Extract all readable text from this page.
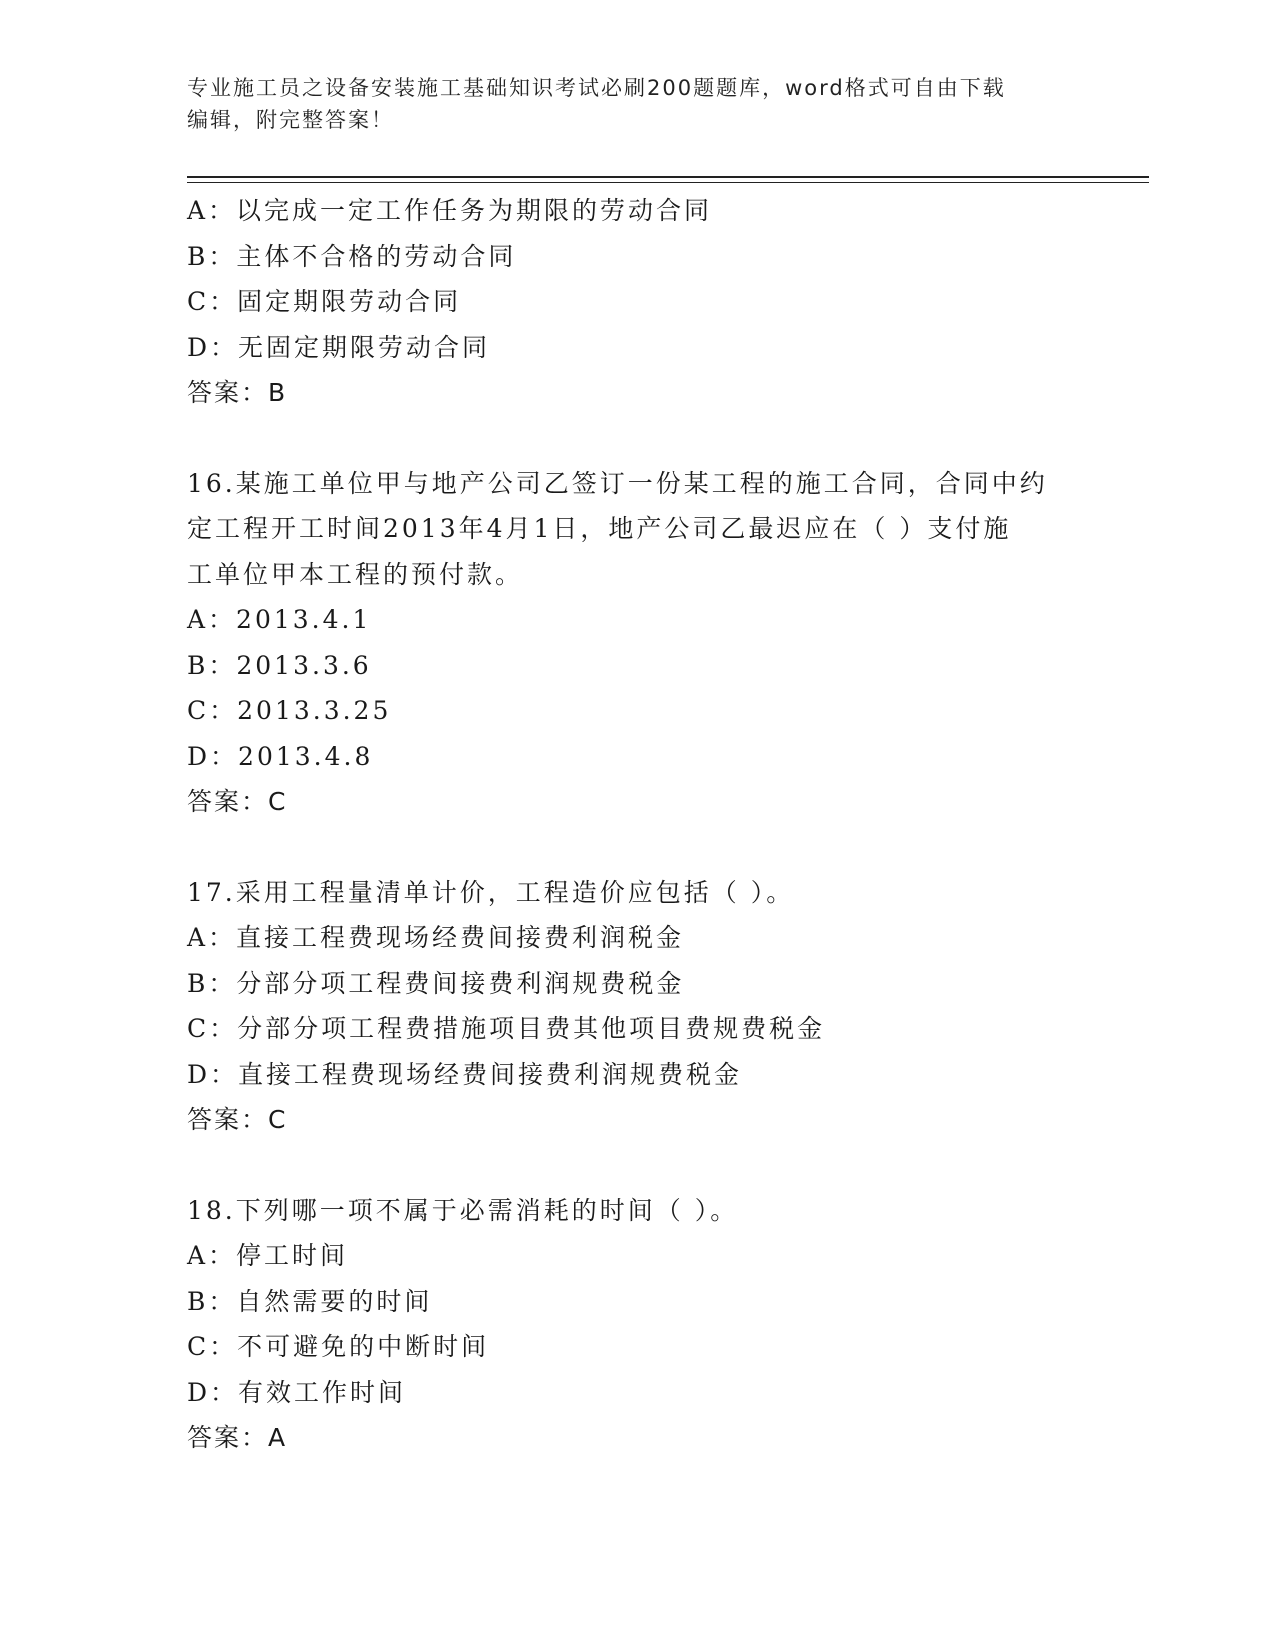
专业施工员之设备安装施工基础知识考试必刷200题题库，word格式可自由下载
编辑，附完整答案！
A：以完成一定工作任务为期限的劳动合同
B：主体不合格的劳动合同
C：固定期限劳动合同
D：无固定期限劳动合同
答案：B
16.某施工单位甲与地产公司乙签订一份某工程的施工合同，合同中约
定工程开工时间2013年4月1日，地产公司乙最迟应在（ ）支付施
工单位甲本工程的预付款。
A：2013.4.1
B：2013.3.6
C：2013.3.25
D：2013.4.8
答案：C
17.采用工程量清单计价，工程造价应包括（ ）。
A：直接工程费现场经费间接费利润税金
B：分部分项工程费间接费利润规费税金
C：分部分项工程费措施项目费其他项目费规费税金
D：直接工程费现场经费间接费利润规费税金
答案：C
18.下列哪一项不属于必需消耗的时间（ ）。
A：停工时间
B：自然需要的时间
C：不可避免的中断时间
D：有效工作时间
答案：A
